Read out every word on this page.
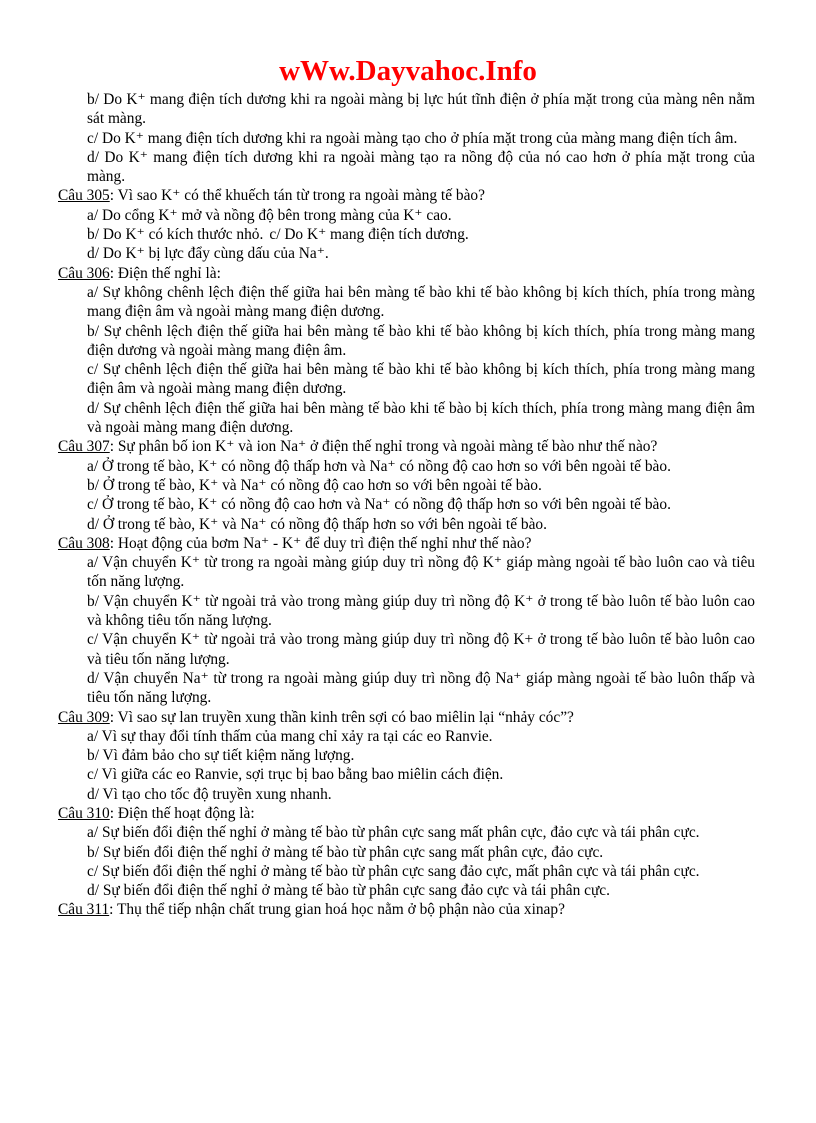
wWw.Dayvahoc.Info

b/ Do K⁺ mang điện tích dương khi ra ngoài màng bị lực hút tĩnh điện ở phía mặt trong của màng nên nằm sát màng.

c/ Do K⁺ mang điện tích dương khi ra ngoài màng tạo cho ở phía mặt trong của màng mang điện tích âm.

d/ Do K⁺ mang điện tích dương khi ra ngoài màng tạo ra nồng độ của nó cao hơn ở phía mặt trong của màng.

Câu 305: Vì sao K⁺ có thể khuếch tán từ trong ra ngoài màng tế bào?

a/ Do cổng K⁺ mở và nồng độ bên trong màng của K⁺ cao.

b/ Do K⁺ có kích thước nhỏ. c/ Do K⁺ mang điện tích dương.

d/ Do K⁺ bị lực đẩy cùng dấu của Na⁺.

Câu 306: Điện thế nghỉ là:

a/ Sự không chênh lệch điện thế giữa hai bên màng tế bào khi tế bào không bị kích thích, phía trong màng mang điện âm và ngoài màng mang điện dương.

b/ Sự chênh lệch điện thế giữa hai bên màng tế bào khi tế bào không bị kích thích, phía trong màng mang điện dương và ngoài màng mang điện âm.

c/ Sự chênh lệch điện thế giữa hai bên màng tế bào khi tế bào không bị kích thích, phía trong màng mang điện âm và ngoài màng mang điện dương.

d/ Sự chênh lệch điện thế giữa hai bên màng tế bào khi tế bào bị kích thích, phía trong màng mang điện âm và ngoài màng mang điện dương.

Câu 307: Sự phân bố ion K⁺ và ion Na⁺ ở điện thế nghỉ trong và ngoài màng tế bào như thế nào?

a/ Ở trong tế bào, K⁺ có nồng độ thấp hơn và Na⁺ có nồng độ cao hơn so với bên ngoài tế bào.

b/ Ở trong tế bào, K⁺ và Na⁺ có nồng độ cao hơn so với bên ngoài tế bào.

c/ Ở trong tế bào, K⁺ có nồng độ cao hơn và Na⁺ có nồng độ thấp hơn so với bên ngoài tế bào.

d/ Ở trong tế bào, K⁺ và Na⁺ có nồng độ thấp hơn so với bên ngoài tế bào.

Câu 308: Hoạt động của bơm Na⁺ - K⁺ để duy trì điện thế nghỉ như thế nào?

a/ Vận chuyển K⁺ từ trong ra ngoài màng giúp duy trì nồng độ K⁺ giáp màng ngoài tế bào luôn cao và tiêu tốn năng lượng.

b/ Vận chuyển K⁺ từ ngoài trả vào trong màng giúp duy trì nồng độ K⁺ ở trong tế bào luôn tế bào luôn cao và không tiêu tốn năng lượng.

c/ Vận chuyển K⁺ từ ngoài trả vào trong màng giúp duy trì nồng độ K+ ở trong tế bào luôn tế bào luôn cao và tiêu tốn năng lượng.

d/ Vận chuyển Na⁺ từ trong ra ngoài màng giúp duy trì nồng độ Na⁺ giáp màng ngoài tế bào luôn thấp và tiêu tốn năng lượng.

Câu 309: Vì sao sự lan truyền xung thần kinh trên sợi có bao miêlin lại “nhảy cóc”?

a/ Vì sự thay đổi tính thấm của mang chỉ xảy ra tại các eo Ranvie.

b/ Vì đảm bảo cho sự tiết kiệm năng lượng.

c/ Vì giữa các eo Ranvie, sợi trục bị bao bằng bao miêlin cách điện.

d/ Vì tạo cho tốc độ truyền xung nhanh.

Câu 310: Điện thế hoạt động là:

a/ Sự biến đổi điện thế nghỉ ở màng tế bào từ phân cực sang mất phân cực, đảo cực và tái phân cực.

b/ Sự biến đổi điện thế nghỉ ở màng tế bào từ phân cực sang mất phân cực, đảo cực.

c/ Sự biến đổi điện thế nghỉ ở màng tế bào từ phân cực sang đảo cực, mất phân cực và tái phân cực.

d/ Sự biến đổi điện thế nghỉ ở màng tế bào từ phân cực sang đảo cực và tái phân cực.

Câu 311: Thụ thể tiếp nhận chất trung gian hoá học nằm ở bộ phận nào của xinap?
